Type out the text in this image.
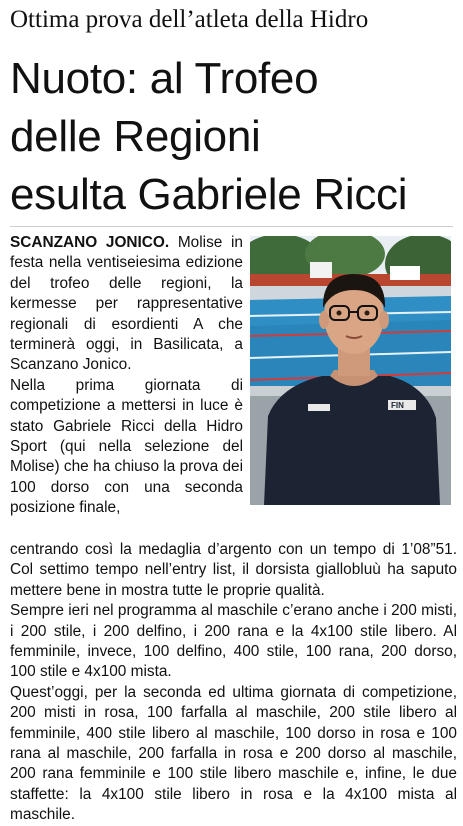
Ottima prova dell’atleta della Hidro
Nuoto: al Trofeo
delle Regioni
esulta Gabriele Ricci

SCANZANO JONICO. Molise in festa nella ventiseiesima edizione del trofeo delle regioni, la kermesse per rappresentative regionali di esordienti A che terminerà oggi, in Basilicata, a Scanzano Jonico.

Nella prima giornata di competizione a mettersi in luce è stato Gabriele Ricci della Hidro Sport (qui nella selezione del Molise) che ha chiuso la prova dei 100 dorso con una seconda posizione finale,

FIN

centrando così la medaglia d’argento con un tempo di 1’08”51. Col settimo tempo nell’entry list, il dorsista giallobluù ha saputo mettere bene in mostra tutte le proprie qualità.

Sempre ieri nel programma al maschile c’erano anche i 200 misti, i 200 stile, i 200 delfino, i 200 rana e la 4x100 stile libero. Al femminile, invece, 100 delfino, 400 stile, 100 rana, 200 dorso, 100 stile e 4x100 mista.

Quest’oggi, per la seconda ed ultima giornata di competizione, 200 misti in rosa, 100 farfalla al maschile, 200 stile libero al femminile, 400 stile libero al maschile, 100 dorso in rosa e 100 rana al maschile, 200 farfalla in rosa e 200 dorso al maschile, 200 rana femminile e 100 stile libero maschile e, infine, le due staffette: la 4x100 stile libero in rosa e la 4x100 mista al maschile.
